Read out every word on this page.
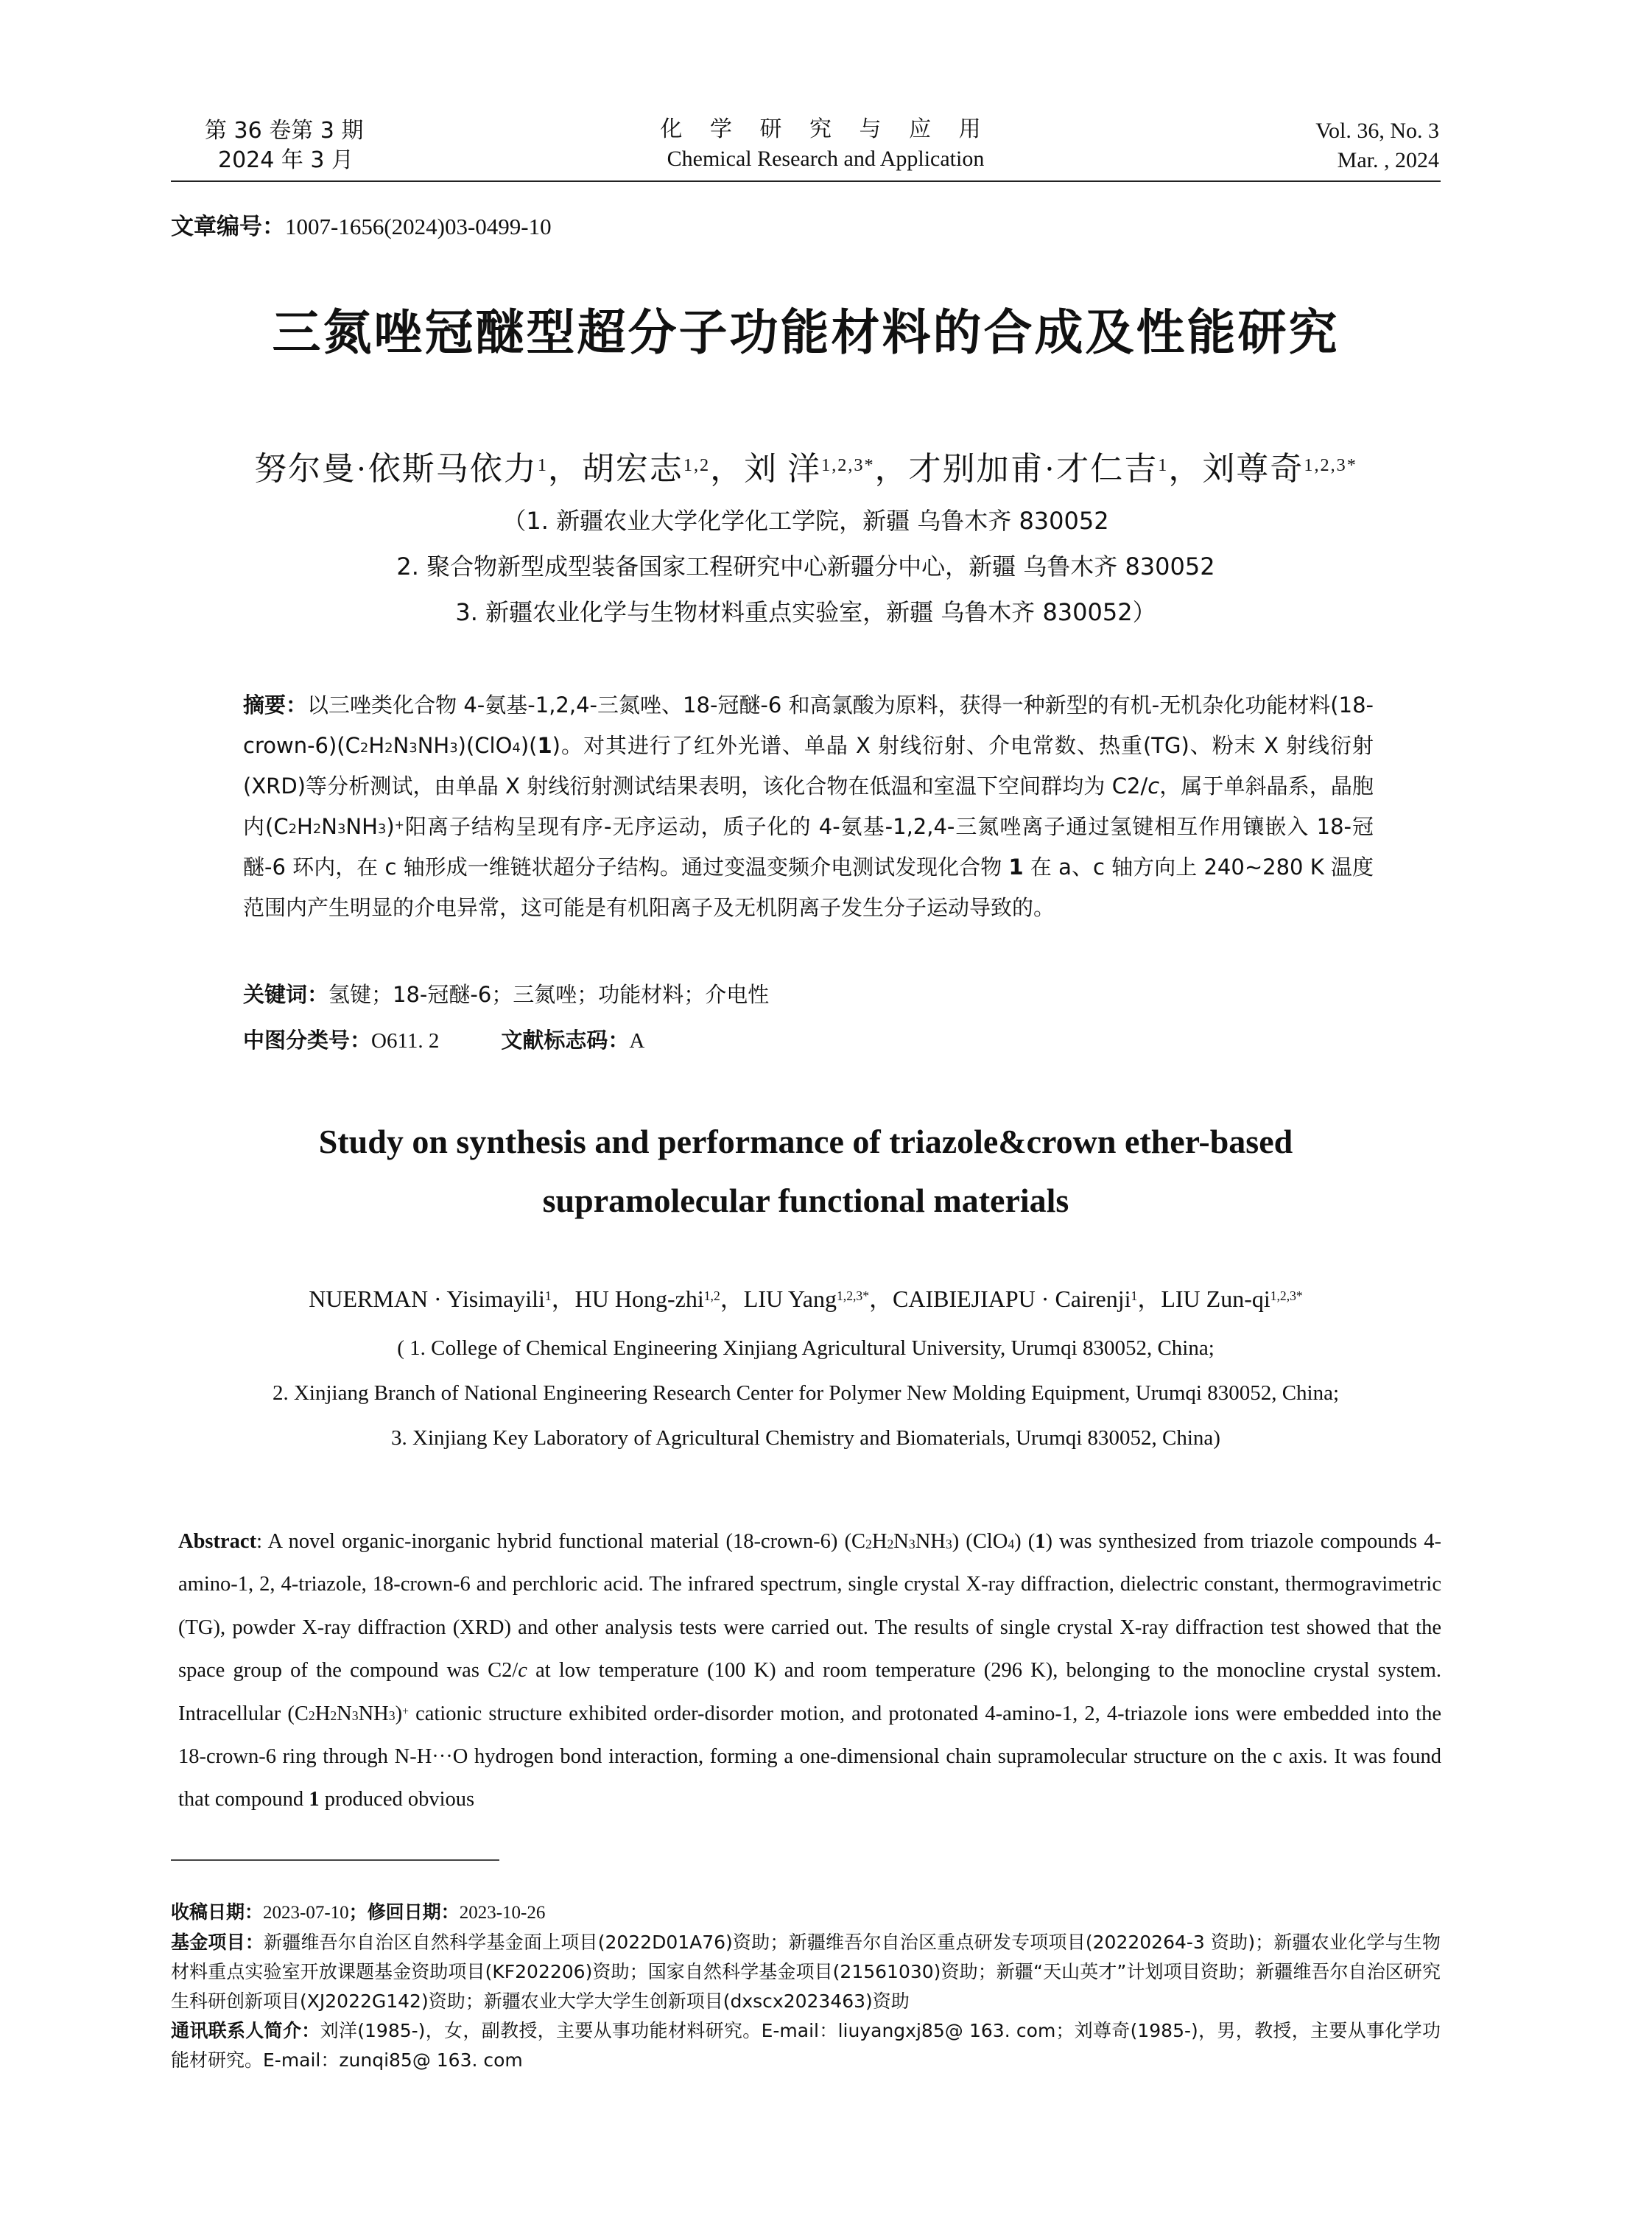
第 36 卷第 3 期
2024 年 3 月
化 学 研 究 与 应 用
Chemical Research and Application
Vol. 36, No. 3
Mar. , 2024
文章编号：1007-1656(2024)03-0499-10
三氮唑冠醚型超分子功能材料的合成及性能研究
努尔曼·依斯马依力$^1$，胡宏志$^{1,2}$，刘 洋$^{1,2,3*}$，才别加甫·才仁吉$^1$，刘尊奇$^{1,2,3*}$
（1. 新疆农业大学化学化工学院，新疆 乌鲁木齐 830052
2. 聚合物新型成型装备国家工程研究中心新疆分中心，新疆 乌鲁木齐 830052
3. 新疆农业化学与生物材料重点实验室，新疆 乌鲁木齐 830052）

摘要：以三唑类化合物 4-氨基-1,2,4-三氮唑、18-冠醚-6 和高氯酸为原料，获得一种新型的有机-无机杂化功能材料$(18-crown-6)(C_2H_2N_3NH_3)(ClO_4)(1)$。对其进行了红外光谱、单晶 X 射线衍射、介电常数、热重(TG)、粉末 X 射线衍射(XRD)等分析测试，由单晶 X 射线衍射测试结果表明，该化合物在低温和室温下空间群均为 C2/c，属于单斜晶系，晶胞内$(C_2H_2N_3NH_3)^+$阳离子结构呈现有序-无序运动，质子化的 4-氨基-1,2,4-三氮唑离子通过氢键相互作用镶嵌入 18-冠醚-6 环内，在 c 轴形成一维链状超分子结构。通过变温变频介电测试发现化合物 1 在 a、c 轴方向上 240~280 K 温度范围内产生明显的介电异常，这可能是有机阳离子及无机阴离子发生分子运动导致的。

关键词：氢键；18-冠醚-6；三氮唑；功能材料；介电性
中图分类号：O611. 2	文献标志码：A
Study on synthesis and performance of triazole&crown ether-based
supramolecular functional materials
NUERMAN · Yisimayili$^1$，HU Hong-zhi$^{1,2}$，LIU Yang$^{1,2,3*}$，CAIBIEJIAPU · Cairenji$^1$，LIU Zun-$qi^{1,2,3*}$
( 1. College of Chemical Engineering Xinjiang Agricultural University, Urumqi 830052, China;
2. Xinjiang Branch of National Engineering Research Center for Polymer New Molding Equipment, Urumqi 830052, China;
3. Xinjiang Key Laboratory of Agricultural Chemistry and Biomaterials, Urumqi 830052, China)

Abstract: A novel organic-inorganic hybrid functional material (18-crown-6) $(C_2H_2N_3NH_3)$ (ClO$_4$) (1) was synthesized from triazole compounds 4-amino-1, 2, 4-triazole, 18-crown-6 and perchloric acid. The infrared spectrum, single crystal X-ray diffraction, dielectric constant, thermogravimetric (TG), powder X-ray diffraction (XRD) and other analysis tests were carried out. The results of single crystal X-ray diffraction test showed that the space group of the compound was C2/c at low temperature (100 K) and room temperature (296 K), belonging to the monocline crystal system. Intracellular $(C_2H_2N_3NH_3)^+$ cationic structure exhibited order-disorder motion, and protonated 4-amino-1, 2, 4-triazole ions were embedded into the 18-crown-6 ring through N-H···O hydrogen bond interaction, forming a one-dimensional chain supramolecular structure on the c axis. It was found that compound 1 produced obvious

收稿日期：2023-07-10；修回日期：2023-10-26

基金项目：新疆维吾尔自治区自然科学基金面上项目(2022D01A76)资助；新疆维吾尔自治区重点研发专项项目(20220264-3 资助)；新疆农业化学与生物材料重点实验室开放课题基金资助项目(KF202206)资助；国家自然科学基金项目(21561030)资助；新疆“天山英才”计划项目资助；新疆维吾尔自治区研究生科研创新项目(XJ2022G142)资助；新疆农业大学大学生创新项目(dxscx2023463)资助

通讯联系人简介：刘洋(1985-)，女，副教授，主要从事功能材料研究。E-mail：liuyangxj85@ 163. com；刘尊奇(1985-)，男，教授，主要从事化学功能材研究。E-mail：zunqi85@ 163. com
